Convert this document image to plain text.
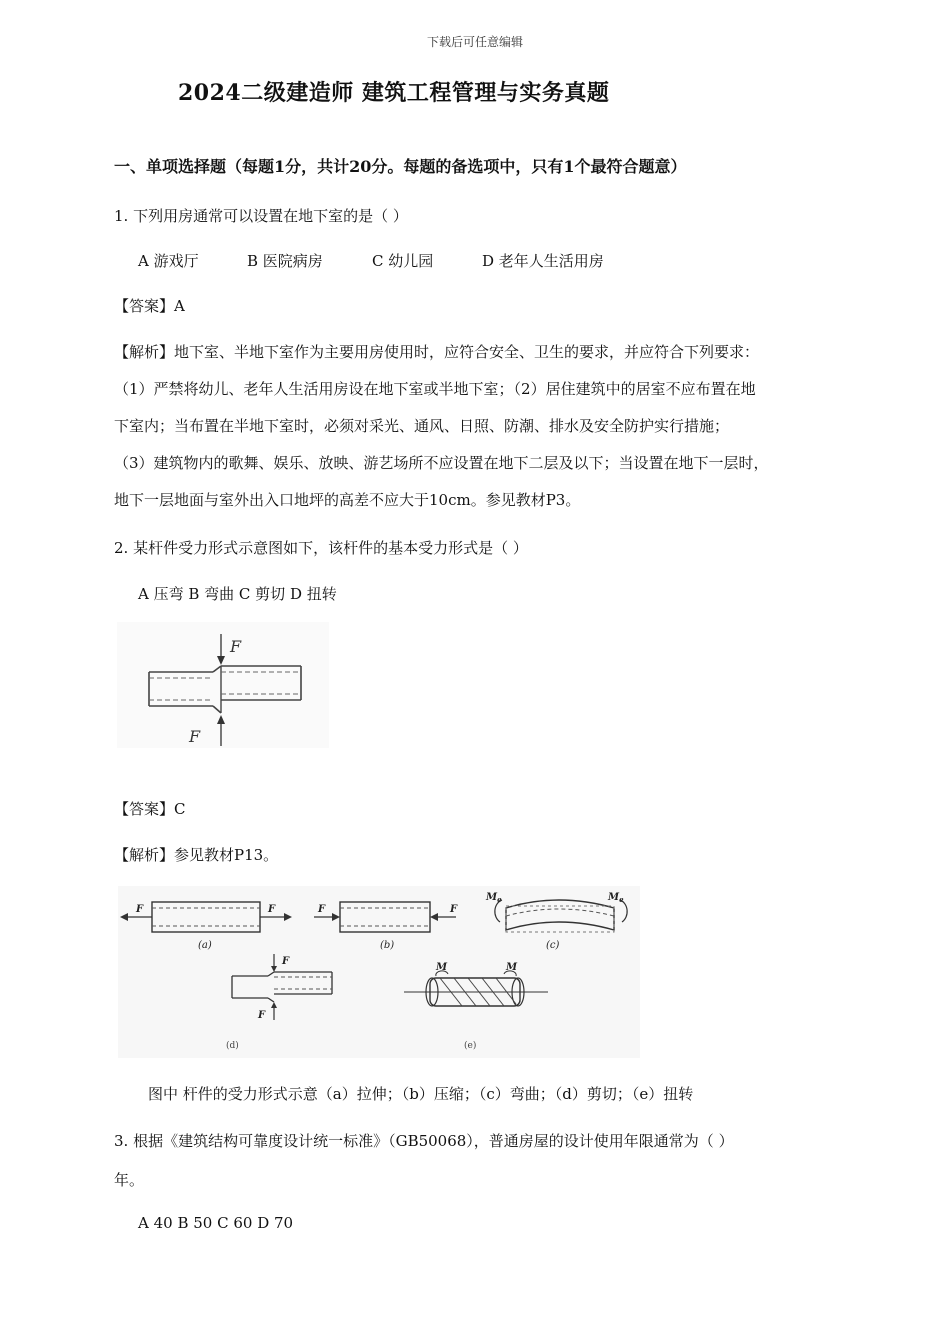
下载后可任意编辑
2024二级建造师 建筑工程管理与实务真题
一、单项选择题（每题1分，共计20分。每题的备选项中，只有1个最符合题意）
1. 下列用房通常可以设置在地下室的是（ ）
A 游戏厅	B 医院病房	C 幼儿园	D 老年人生活用房
【答案】A
【解析】地下室、半地下室作为主要用房使用时，应符合安全、卫生的要求，并应符合下列要求：
（1）严禁将幼儿、老年人生活用房设在地下室或半地下室；（2）居住建筑中的居室不应布置在地
下室内；当布置在半地下室时，必须对采光、通风、日照、防潮、排水及安全防护实行措施；
（3）建筑物内的歌舞、娱乐、放映、游艺场所不应设置在地下二层及以下；当设置在地下一层时，
地下一层地面与室外出入口地坪的高差不应大于10cm。参见教材P3。
2. 某杆件受力形式示意图如下，该杆件的基本受力形式是（ ）
A 压弯 B 弯曲 C 剪切 D 扭转
F
F
【答案】C
【解析】参见教材P13。
F	F
(a)
F	F
(b)
$M_e$	$M_e$
(c)
F
F
(d)
M	M
(e)
图中 杆件的受力形式示意（a）拉伸；（b）压缩；（c）弯曲；（d）剪切；（e）扭转
3. 根据《建筑结构可靠度设计统一标准》（GB50068），普通房屋的设计使用年限通常为（ ）
年。
A 40 B 50 C 60 D 70
